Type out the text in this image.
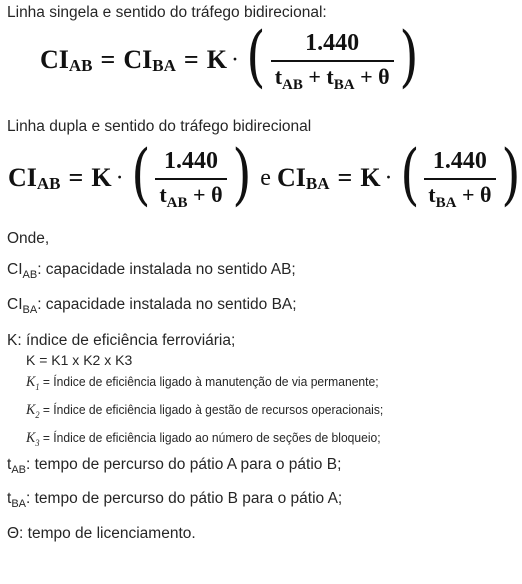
Linha singela e sentido do tráfego bidirecional:
CI AB = CI BA = K · ( $\frac{1.440}{t_{AB} + t_{BA} + \theta}$ )
Linha dupla e sentido do tráfego bidirecional
CI AB = K · ( $\frac{1.440}{t_{AB} + \theta}$ ) e CI BA = K · ( $\frac{1.440}{t_{BA} + \theta}$ )
Onde,
$CI_{AB}$: capacidade instalada no sentido AB;
$CI_{BA}$: capacidade instalada no sentido BA;
K: índice de eficiência ferroviária;
K = K1 x K2 x K3
$K_1$ = Índice de eficiência ligado à manutenção de via permanente;
$K_2$ = Índice de eficiência ligado à gestão de recursos operacionais;
$K_3$ = Índice de eficiência ligado ao número de seções de bloqueio;
$t_{AB}$: tempo de percurso do pátio A para o pátio B;
$t_{BA}$: tempo de percurso do pátio B para o pátio A;
Θ: tempo de licenciamento.
